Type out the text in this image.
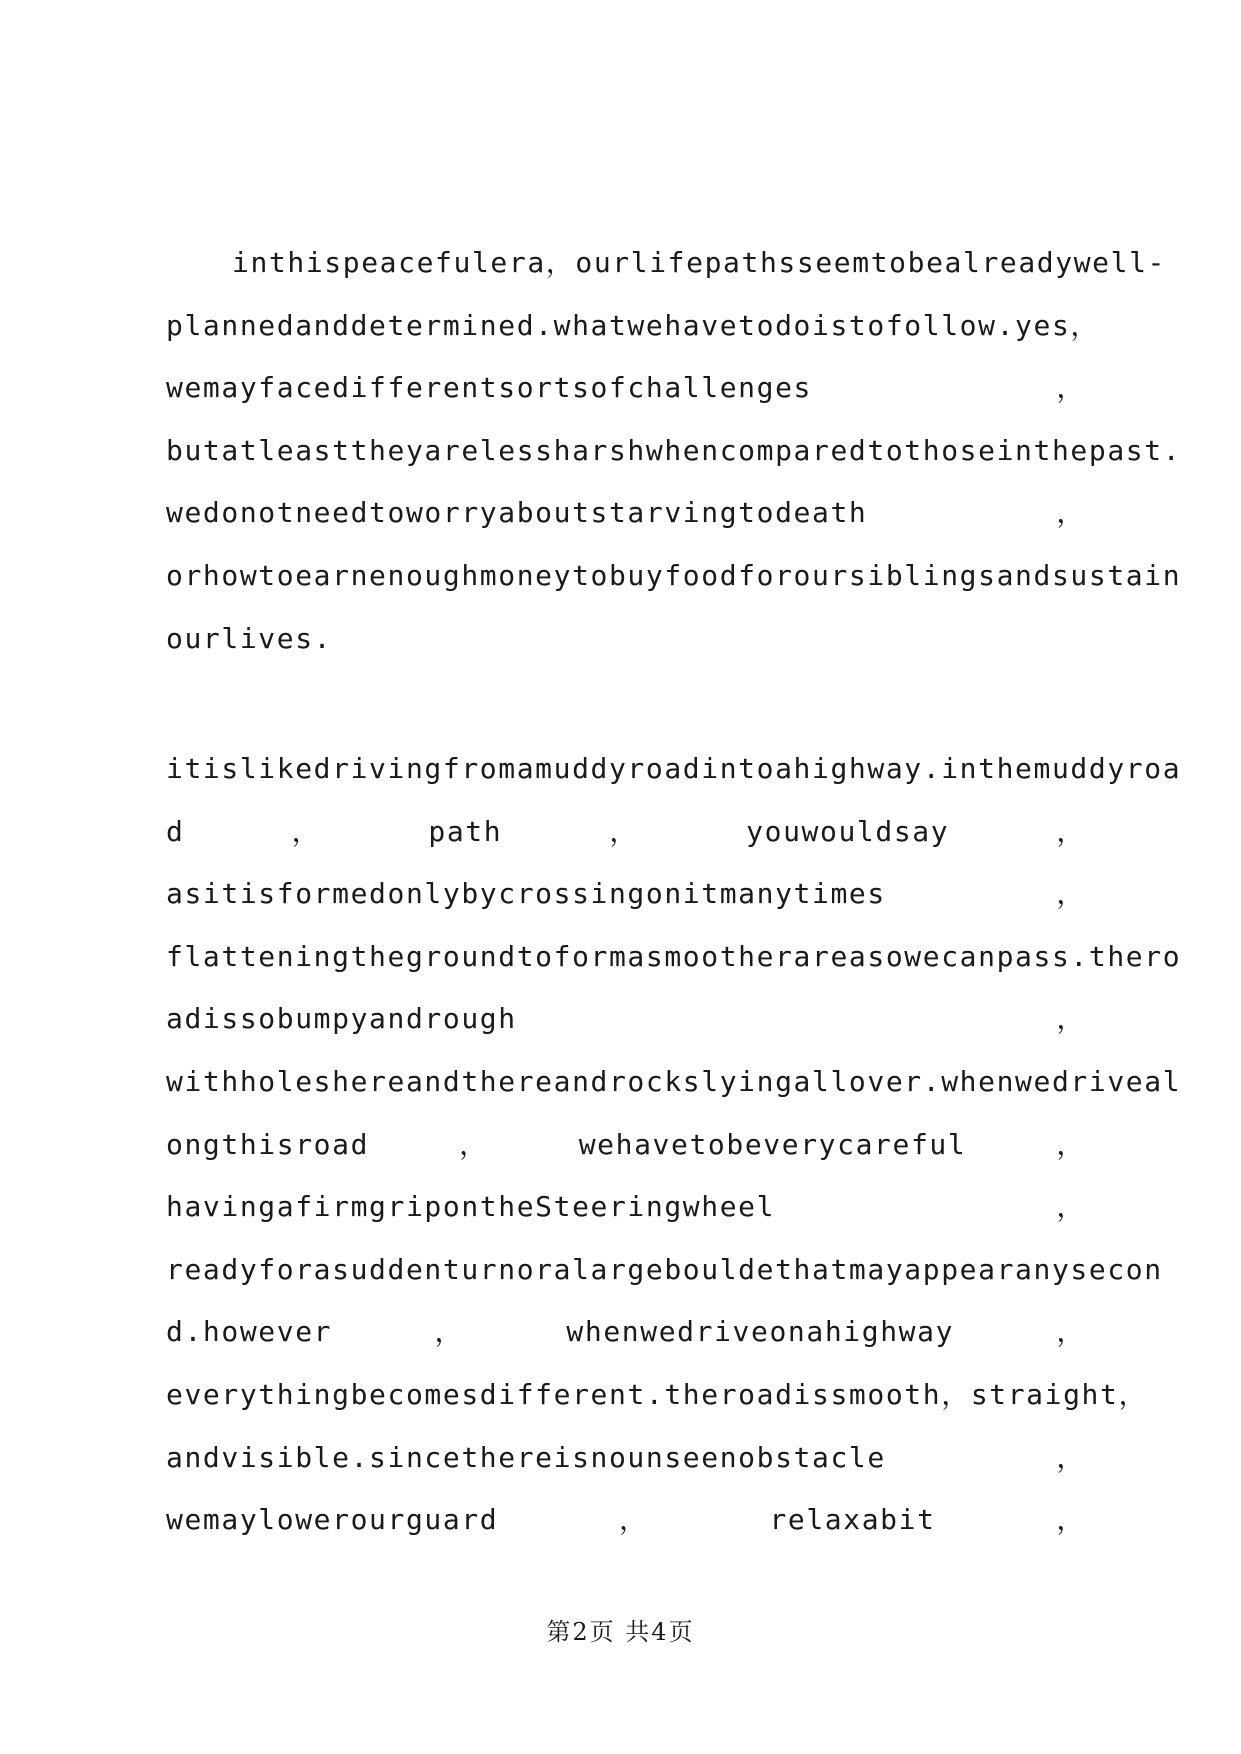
inthispeacefulera，ourlifepathsseemtobealreadywell-
plannedanddetermined.whatwehavetodoistofollow.yes ，
wemayfacedifferentsortsofchallenges	，
butatleasttheyarelessharshwhencomparedtothoseinthepast.
wedonotneedtoworryaboutstarvingtodeath	，
orhowtoearnenoughmoneytobuyfoodforoursiblingsandsustain
ourlives.
itislikedrivingfromamuddyroadintoahighway.inthemuddyroa
d	，	path	，	youwouldsay	，
asitisformedonlybycrossingonitmanytimes	，
flatteningthegroundtoformasmootherareasowecanpass.thero
adissobumpyandrough	，
withholeshereandthereandrockslyingallover.whenwedriveal
ongthisroad	，	wehavetobeverycareful	，
havingafirmgripontheSteeringwheel	，
readyforasuddenturnoralargebouldethatmayappearanysecon
d.however	，	whenwedriveonahighway	，
everythingbecomesdifferent.theroadissmooth， straight，
andvisible.sincethereisnounseenobstacle	，
wemaylowerourguard	，	relaxabit	，
第2页 共4页
